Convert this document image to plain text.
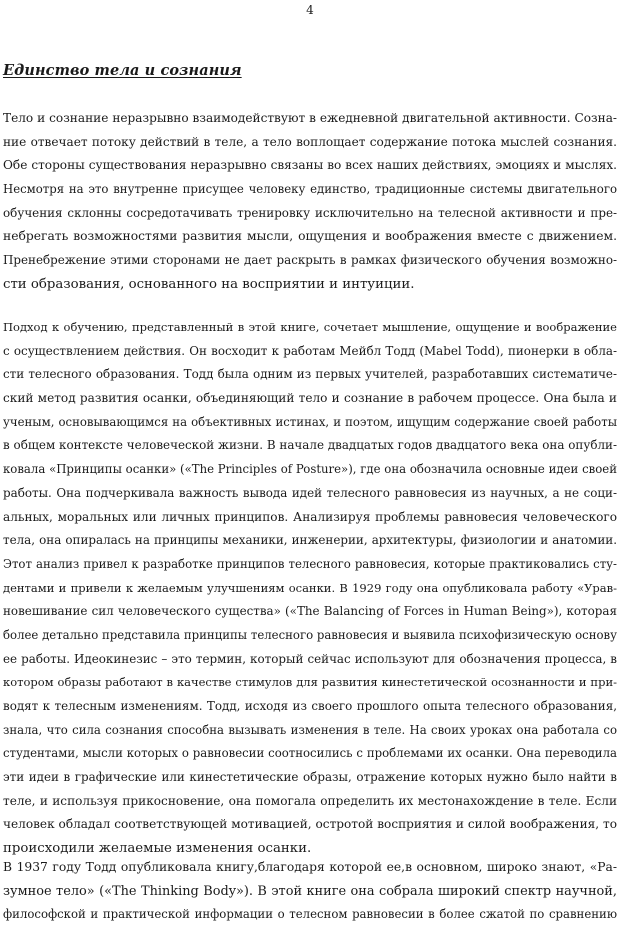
4
Единство тела и сознания
Тело и сознание неразрывно взаимодействуют в ежедневной двигательной активности. Созна-
ние отвечает потоку действий в теле, а тело воплощает содержание потока мыслей сознания.
Обе стороны существования неразрывно связаны во всех наших действиях, эмоциях и мыслях.
Несмотря на это внутренне присущее человеку единство, традиционные системы двигательного
обучения склонны сосредотачивать тренировку исключительно на телесной активности и пре-
небрегать возможностями развития мысли, ощущения и воображения вместе с движением.
Пренебрежение этими сторонами не дает раскрыть в рамках физического обучения возможно-
сти образования, основанного на восприятии и интуиции.
Подход к обучению, представленный в этой книге, сочетает мышление, ощущение и воображение
с осуществлением действия. Он восходит к работам Мейбл Тодд (Mabel Todd), пионерки в обла-
сти телесного образования. Тодд была одним из первых учителей, разработавших систематиче-
ский метод развития осанки, объединяющий тело и сознание в рабочем процессе. Она была и
ученым, основывающимся на объективных истинах, и поэтом, ищущим содержание своей работы
в общем контексте человеческой жизни. В начале двадцатых годов двадцатого века она опубли-
ковала «Принципы осанки» («The Principles of Posture»), где она обозначила основные идеи своей
работы. Она подчеркивала важность вывода идей телесного равновесия из научных, а не соци-
альных, моральных или личных принципов. Анализируя проблемы равновесия человеческого
тела, она опиралась на принципы механики, инженерии, архитектуры, физиологии и анатомии.
Этот анализ привел к разработке принципов телесного равновесия, которые практиковались сту-
дентами и привели к желаемым улучшениям осанки. В 1929 году она опубликовала работу «Урав-
новешивание сил человеческого существа» («The Balancing of Forces in Human Being»), которая
более детально представила принципы телесного равновесия и выявила психофизическую основу
ее работы. Идеокинезис – это термин, который сейчас используют для обозначения процесса, в
котором образы работают в качестве стимулов для развития кинестетической осознанности и при-
водят к телесным изменениям. Тодд, исходя из своего прошлого опыта телесного образования,
знала, что сила сознания способна вызывать изменения в теле. На своих уроках она работала со
студентами, мысли которых о равновесии соотносились с проблемами их осанки. Она переводила
эти идеи в графические или кинестетические образы, отражение которых нужно было найти в
теле, и используя прикосновение, она помогала определить их местонахождение в теле. Если
человек обладал соответствующей мотивацией, остротой восприятия и силой воображения, то
происходили желаемые изменения осанки.
В 1937 году Тодд опубликовала книгу,благодаря которой ее,в основном, широко знают, «Ра-
зумное тело» («The Thinking Body»). В этой книге она собрала широкий спектр научной,
философской и практической информации о телесном равновесии в более сжатой по сравнению
